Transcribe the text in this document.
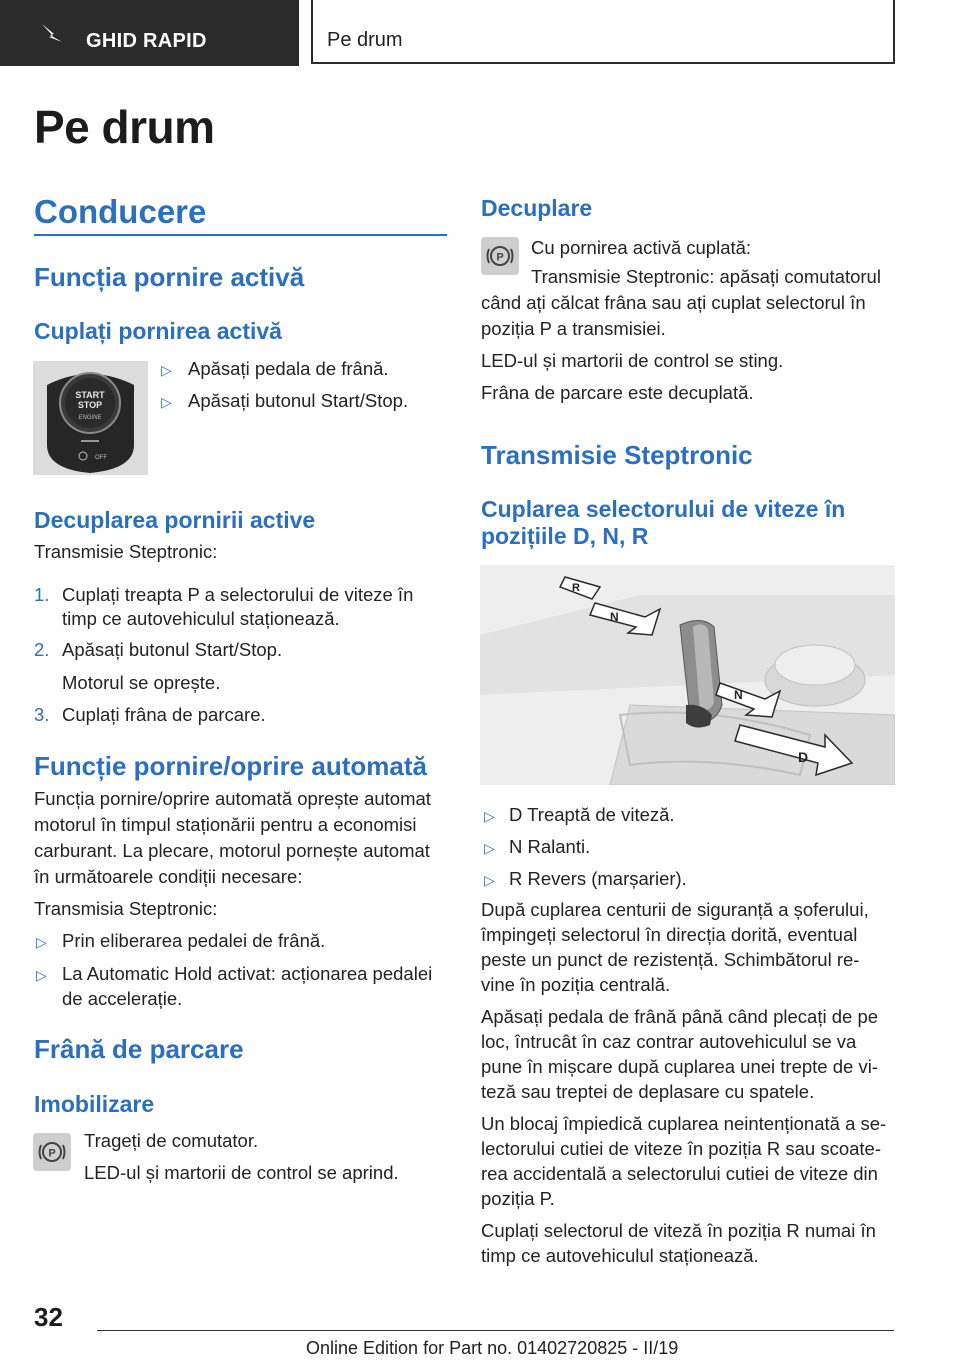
GHID RAPID	Pe drum
Pe drum
Conducere
Funcția pornire activă
Cuplați pornirea activă
START
STOP
ENGINE
OFF
▷ Apăsați pedala de frână.
▷ Apăsați butonul Start/Stop.
Decuplarea pornirii active
Transmisie Steptronic:
1. Cuplați treapta P a selectorului de viteze în
timp ce autovehiculul staționează.
2. Apăsați butonul Start/Stop.
Motorul se oprește.
3. Cuplați frâna de parcare.
Funcție pornire/oprire automată
Funcția pornire/oprire automată oprește automat
motorul în timpul staționării pentru a economisi
carburant. La plecare, motorul pornește automat
în următoarele condiții necesare:
Transmisia Steptronic:
▷ Prin eliberarea pedalei de frână.
▷ La Automatic Hold activat: acționarea pedalei
de accelerație.
Frână de parcare
Imobilizare
P
Trageți de comutator.
LED-ul și martorii de control se aprind.
Decuplare
P Cu pornirea activă cuplată:
Transmisie Steptronic: apăsați comutatorul
când ați călcat frâna sau ați cuplat selectorul în
poziția P a transmisiei.
LED-ul și martorii de control se sting.
Frâna de parcare este decuplată.
Transmisie Steptronic
Cuplarea selectorului de viteze în
pozițiile D, N, R
R
N
N
D
▷ D Treaptă de viteză.
▷ N Ralanti.
▷ R Revers (marșarier).
După cuplarea centurii de siguranță a șoferului,
împingeți selectorul în direcția dorită, eventual
peste un punct de rezistență. Schimbătorul re-
vine în poziția centrală.
Apăsați pedala de frână până când plecați de pe
loc, întrucât în caz contrar autovehiculul se va
pune în mișcare după cuplarea unei trepte de vi-
teză sau treptei de deplasare cu spatele.
Un blocaj împiedică cuplarea neintenționată a se-
lectorului cutiei de viteze în poziția R sau scoate-
rea accidentală a selectorului cutiei de viteze din
poziția P.
Cuplați selectorul de viteză în poziția R numai în
timp ce autovehiculul staționează.
32
Online Edition for Part no. 01402720825 - II/19
